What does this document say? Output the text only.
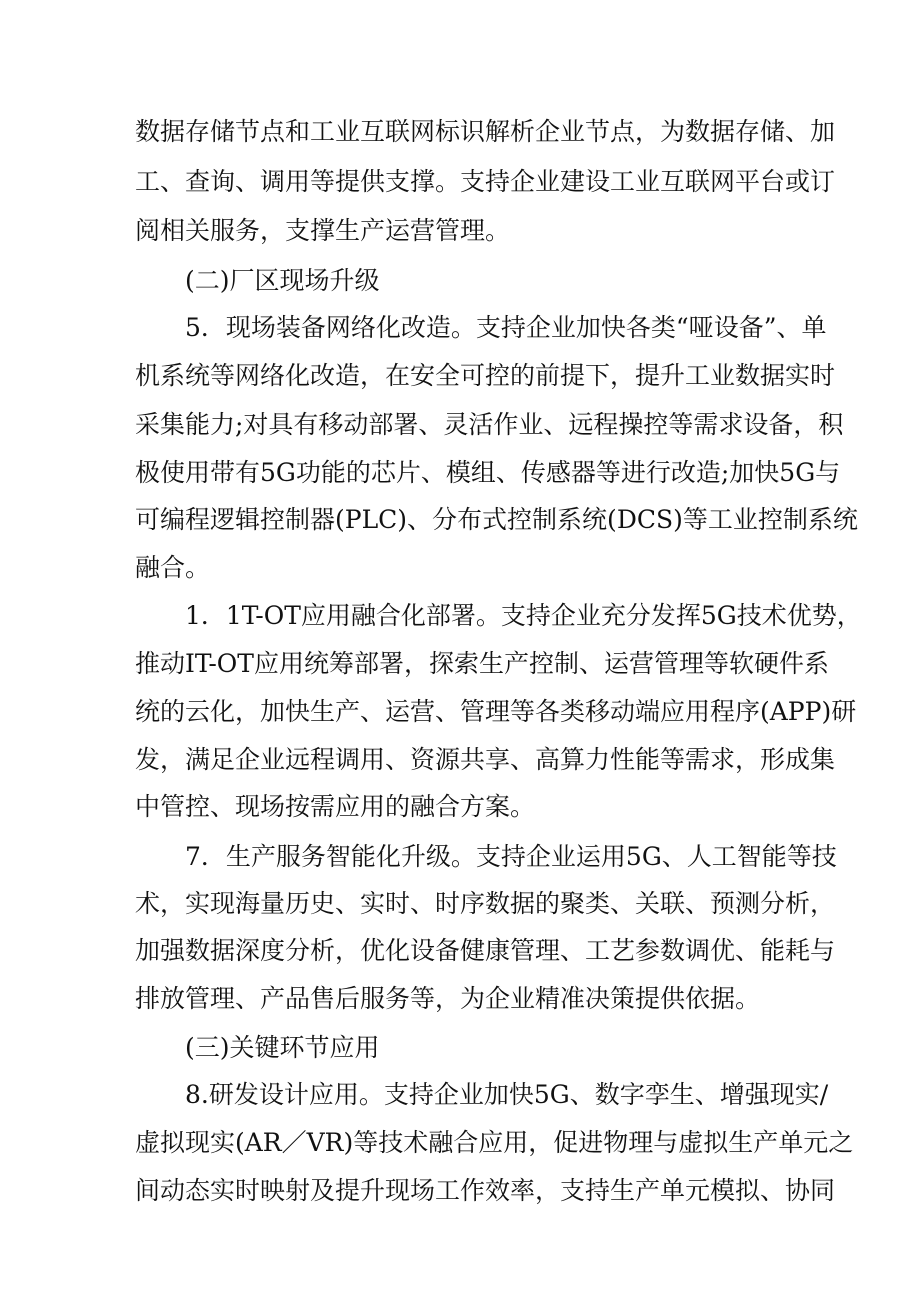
数据存储节点和工业互联网标识解析企业节点，为数据存储、加
工、查询、调用等提供支撑。支持企业建设工业互联网平台或订
阅相关服务，支撑生产运营管理。
(二)厂区现场升级
5．现场装备网络化改造。支持企业加快各类“哑设备”、单
机系统等网络化改造，在安全可控的前提下，提升工业数据实时
采集能力;对具有移动部署、灵活作业、远程操控等需求设备，积
极使用带有5G功能的芯片、模组、传感器等进行改造;加快5G与
可编程逻辑控制器(PLC)、分布式控制系统(DCS)等工业控制系统
融合。
1．1T-OT应用融合化部署。支持企业充分发挥5G技术优势，
推动IT-OT应用统筹部署，探索生产控制、运营管理等软硬件系
统的云化，加快生产、运营、管理等各类移动端应用程序(APP)研
发，满足企业远程调用、资源共享、高算力性能等需求，形成集
中管控、现场按需应用的融合方案。
7．生产服务智能化升级。支持企业运用5G、人工智能等技
术，实现海量历史、实时、时序数据的聚类、关联、预测分析，
加强数据深度分析，优化设备健康管理、工艺参数调优、能耗与
排放管理、产品售后服务等，为企业精准决策提供依据。
(三)关键环节应用
8.研发设计应用。支持企业加快5G、数字孪生、增强现实/
虚拟现实(AR／VR)等技术融合应用，促进物理与虚拟生产单元之
间动态实时映射及提升现场工作效率，支持生产单元模拟、协同
